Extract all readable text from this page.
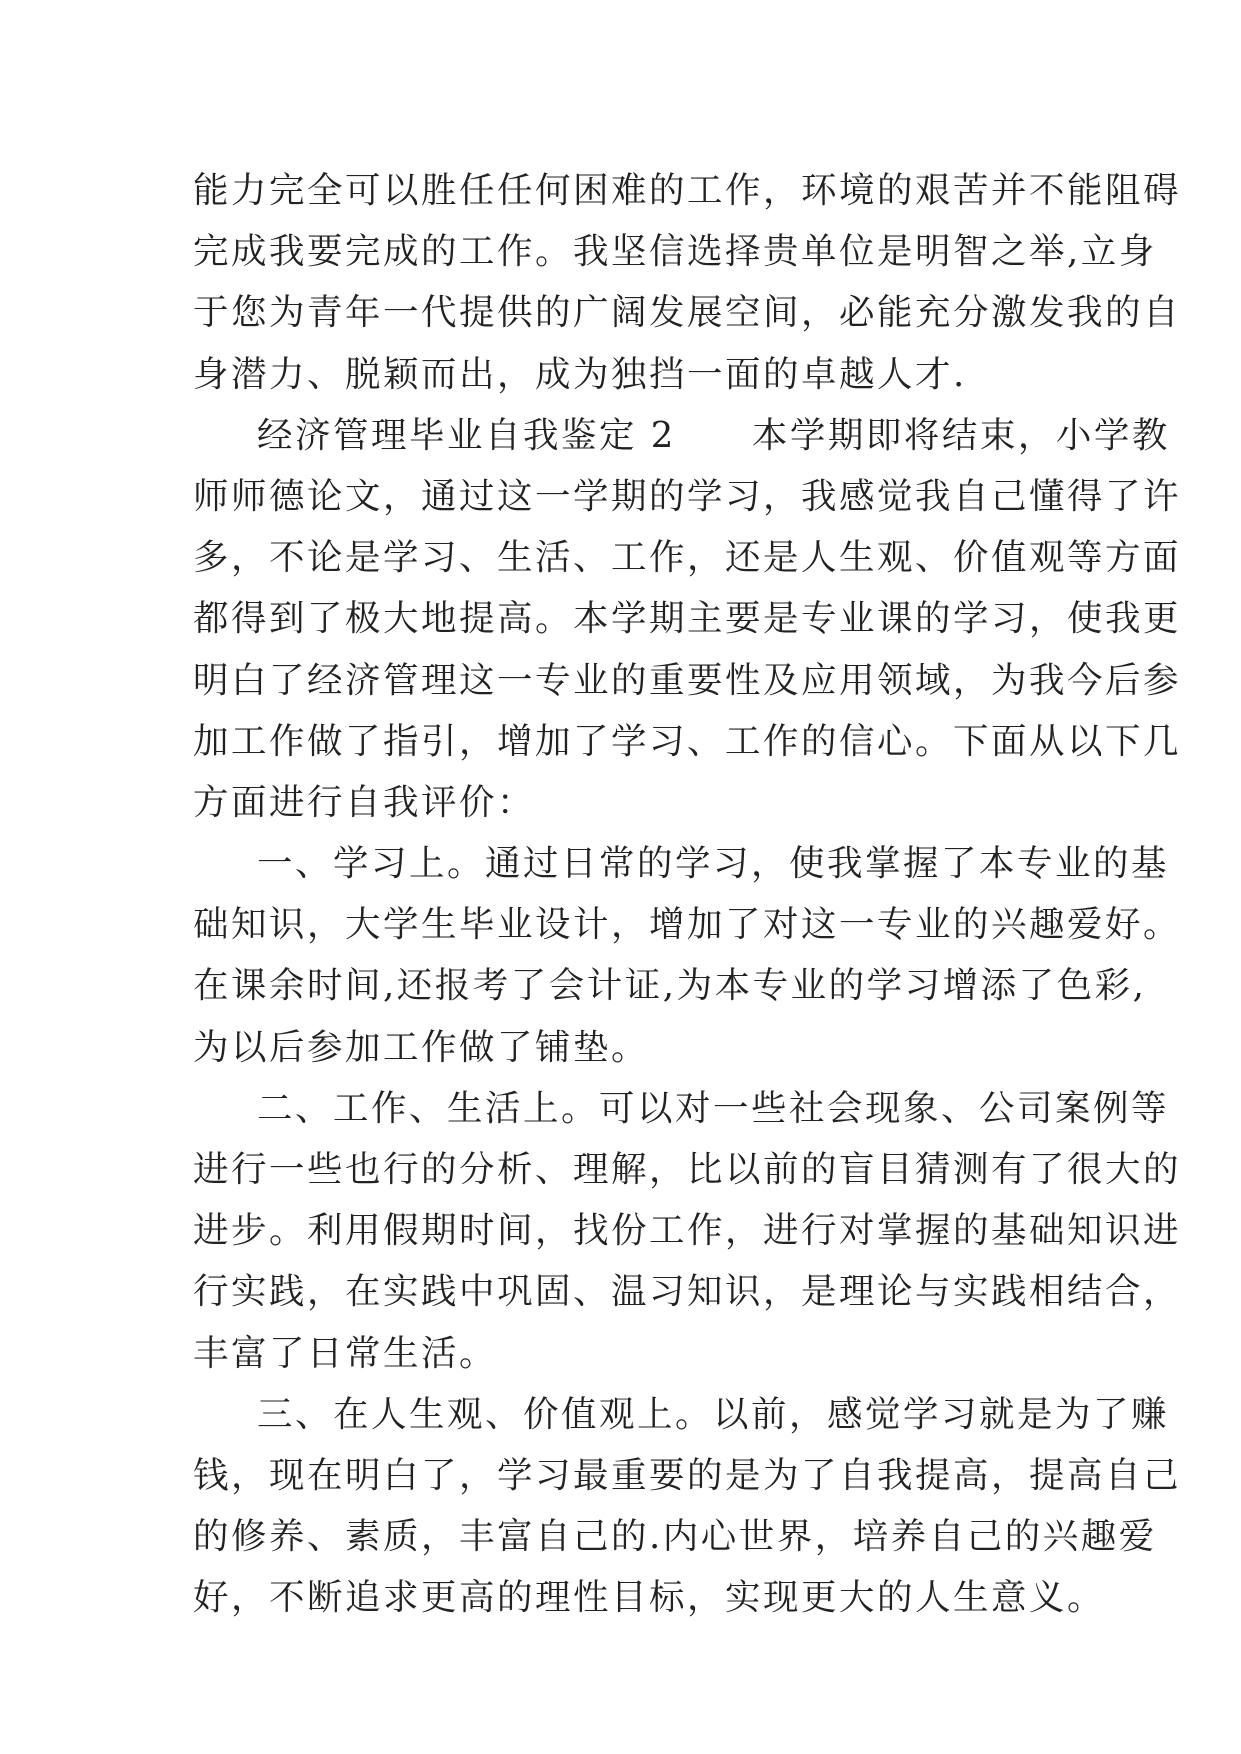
能力完全可以胜任任何困难的工作，环境的艰苦并不能阻碍
完成我要完成的工作。我坚信选择贵单位是明智之举,立身
于您为青年一代提供的广阔发展空间，必能充分激发我的自
身潜力、脱颖而出，成为独挡一面的卓越人才.
经济管理毕业自我鉴定 2　　本学期即将结束，小学教
师师德论文，通过这一学期的学习，我感觉我自己懂得了许
多，不论是学习、生活、工作，还是人生观、价值观等方面
都得到了极大地提高。本学期主要是专业课的学习，使我更
明白了经济管理这一专业的重要性及应用领域，为我今后参
加工作做了指引，增加了学习、工作的信心。下面从以下几
方面进行自我评价：
一、学习上。通过日常的学习，使我掌握了本专业的基
础知识，大学生毕业设计，增加了对这一专业的兴趣爱好。
在课余时间,还报考了会计证,为本专业的学习增添了色彩,
为以后参加工作做了铺垫。
二、工作、生活上。可以对一些社会现象、公司案例等
进行一些也行的分析、理解，比以前的盲目猜测有了很大的
进步。利用假期时间，找份工作，进行对掌握的基础知识进
行实践，在实践中巩固、温习知识，是理论与实践相结合，
丰富了日常生活。
三、在人生观、价值观上。以前，感觉学习就是为了赚
钱，现在明白了，学习最重要的是为了自我提高，提高自己
的修养、素质，丰富自己的.内心世界，培养自己的兴趣爱
好，不断追求更高的理性目标，实现更大的人生意义。
